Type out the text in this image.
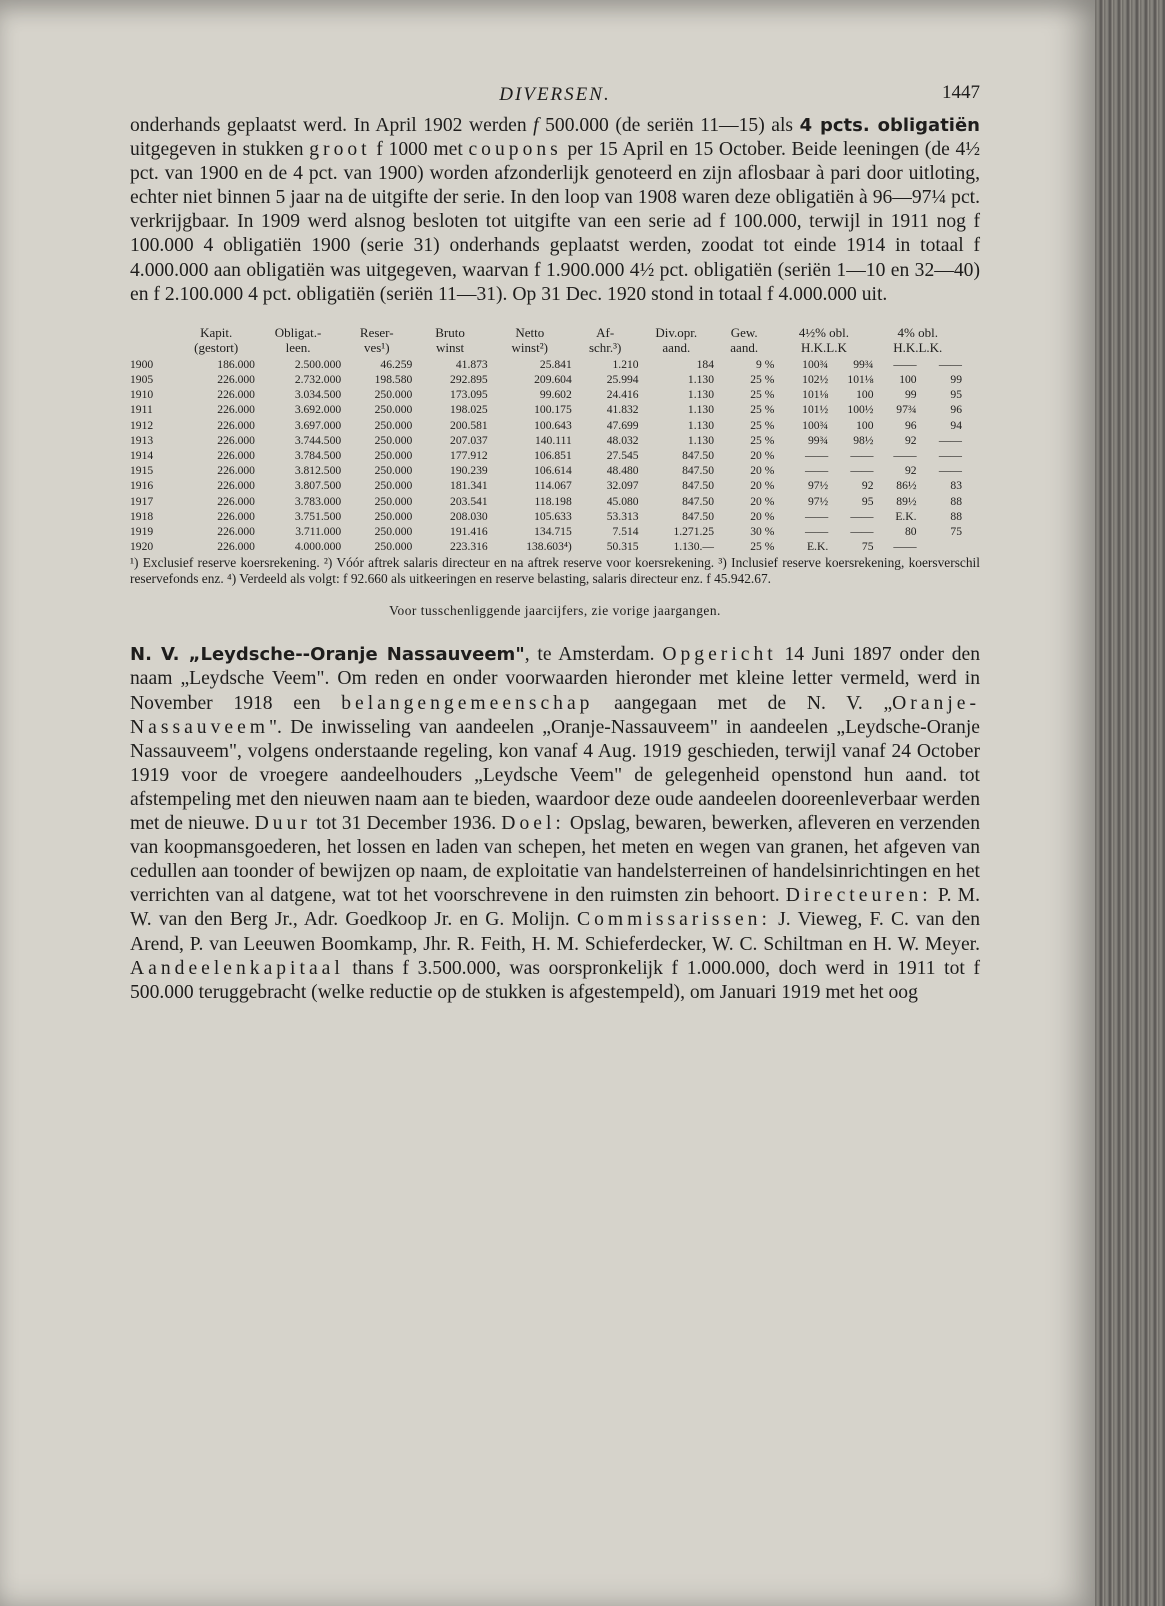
DIVERSEN.	1447

onderhands geplaatst werd. In April 1902 werden f 500.000 (de seriën 11—15) als 4 pcts. obligatiën uitgegeven in stukken groot f 1000 met coupons per 15 April en 15 October. Beide leeningen (de 4½ pct. van 1900 en de 4 pct. van 1900) worden afzonderlijk genoteerd en zijn aflosbaar à pari door uitloting, echter niet binnen 5 jaar na de uitgifte der serie. In den loop van 1908 waren deze obligatiën à 96—97¼ pct. verkrijgbaar. In 1909 werd alsnog besloten tot uitgifte van een serie ad f 100.000, terwijl in 1911 nog f 100.000 4 obligatiën 1900 (serie 31) onderhands geplaatst werden, zoodat tot einde 1914 in totaal f 4.000.000 aan obligatiën was uitgegeven, waarvan f 1.900.000 4½ pct. obligatiën (seriën 1—10 en 32—40) en f 2.100.000 4 pct. obligatiën (seriën 11—31). Op 31 Dec. 1920 stond in totaal f 4.000.000 uit.

	Kapit.	Obligat.-	Reser-	Bruto	Netto	Af-	Div.opr.	Gew.	4½% obl.		4% obl.	
	(gestort)	leen.	ves¹)	winst	winst²)	schr.³)	aand.	aand.	H.K.L.K		H.K.L.K.	
1900	186.000	2.500.000	46.259	41.873	25.841	1.210	184	9 %	100¾	99¾	——	——
1905	226.000	2.732.000	198.580	292.895	209.604	25.994	1.130	25 %	102½	101⅛	100	99
1910	226.000	3.034.500	250.000	173.095	99.602	24.416	1.130	25 %	101⅛	100	99	95
1911	226.000	3.692.000	250.000	198.025	100.175	41.832	1.130	25 %	101½	100½	97¾	96
1912	226.000	3.697.000	250.000	200.581	100.643	47.699	1.130	25 %	100¾	100	96	94
1913	226.000	3.744.500	250.000	207.037	140.111	48.032	1.130	25 %	99¾	98½	92	——
1914	226.000	3.784.500	250.000	177.912	106.851	27.545	847.50	20 %	——	——	——	——
1915	226.000	3.812.500	250.000	190.239	106.614	48.480	847.50	20 %	——	——	92	——
1916	226.000	3.807.500	250.000	181.341	114.067	32.097	847.50	20 %	97½	92	86½	83
1917	226.000	3.783.000	250.000	203.541	118.198	45.080	847.50	20 %	97½	95	89½	88
1918	226.000	3.751.500	250.000	208.030	105.633	53.313	847.50	20 %	——	——	E.K.	88
1919	226.000	3.711.000	250.000	191.416	134.715	7.514	1.271.25	30 %	——	——	80	75
1920	226.000	4.000.000	250.000	223.316	138.603⁴)	50.315	1.130.—	25 %	E.K.	75	——	
¹) Exclusief reserve koersrekening. ²) Vóór aftrek salaris directeur en na aftrek reserve voor koersrekening. ³) Inclusief reserve koersrekening, koersverschil reservefonds enz. ⁴) Verdeeld als volgt: f 92.660 als uitkeeringen en reserve belasting, salaris directeur enz. f 45.942.67.
Voor tusschenliggende jaarcijfers, zie vorige jaargangen.

N. V. „Leydsche--Oranje Nassauveem", te Amsterdam. Opgericht 14 Juni 1897 onder den naam „Leydsche Veem". Om reden en onder voorwaarden hieronder met kleine letter vermeld, werd in November 1918 een belangengemeenschap aangegaan met de N. V. „Oranje-Nassauveem". De inwisseling van aandeelen „Oranje-Nassauveem" in aandeelen „Leydsche-Oranje Nassauveem", volgens onderstaande regeling, kon vanaf 4 Aug. 1919 geschieden, terwijl vanaf 24 October 1919 voor de vroegere aandeelhouders „Leydsche Veem" de gelegenheid openstond hun aand. tot afstempeling met den nieuwen naam aan te bieden, waardoor deze oude aandeelen dooreenleverbaar werden met de nieuwe. Duur tot 31 December 1936. Doel: Opslag, bewaren, bewerken, afleveren en verzenden van koopmansgoederen, het lossen en laden van schepen, het meten en wegen van granen, het afgeven van cedullen aan toonder of bewijzen op naam, de exploitatie van handelsterreinen of handelsinrichtingen en het verrichten van al datgene, wat tot het voorschrevene in den ruimsten zin behoort. Directeuren: P. M. W. van den Berg Jr., Adr. Goedkoop Jr. en G. Molijn. Commissarissen: J. Vieweg, F. C. van den Arend, P. van Leeuwen Boomkamp, Jhr. R. Feith, H. M. Schieferdecker, W. C. Schiltman en H. W. Meyer. Aandeelenkapitaal thans f 3.500.000, was oorspronkelijk f 1.000.000, doch werd in 1911 tot f 500.000 teruggebracht (welke reductie op de stukken is afgestempeld), om Januari 1919 met het oog
